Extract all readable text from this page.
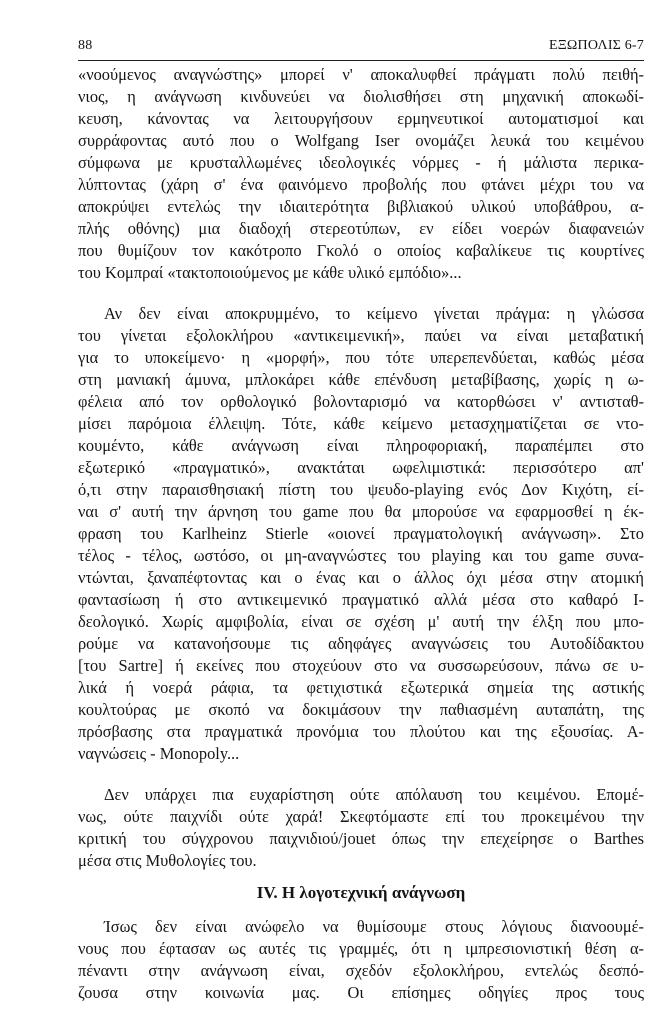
88	ΕΞΩΠΟΛΙΣ 6-7
«νοούμενος αναγνώστης» μπορεί ν' αποκαλυφθεί πράγματι πολύ πειθή-
νιος, η ανάγνωση κινδυνεύει να διολισθήσει στη μηχανική αποκωδί-
κευση, κάνοντας να λειτουργήσουν ερμηνευτικοί αυτοματισμοί και
συρράφοντας αυτό που ο Wolfgang Iser ονομάζει λευκά του κειμένου
σύμφωνα με κρυσταλλωμένες ιδεολογικές νόρμες - ή μάλιστα περικα-
λύπτοντας (χάρη σ' ένα φαινόμενο προβολής που φτάνει μέχρι του να
αποκρύψει εντελώς την ιδιαιτερότητα βιβλιακού υλικού υποβάθρου, α-
πλής οθόνης) μια διαδοχή στερεοτύπων, εν είδει νοερών διαφανειών
που θυμίζουν τον κακότροπο Γκολό ο οποίος καβαλίκευε τις κουρτίνες
του Κομπραί «τακτοποιούμενος με κάθε υλικό εμπόδιο»...
Αν δεν είναι αποκρυμμένο, το κείμενο γίνεται πράγμα: η γλώσσα
του γίνεται εξολοκλήρου «αντικειμενική», παύει να είναι μεταβατική
για το υποκείμενο· η «μορφή», που τότε υπερεπενδύεται, καθώς μέσα
στη μανιακή άμυνα, μπλοκάρει κάθε επένδυση μεταβίβασης, χωρίς η ω-
φέλεια από τον ορθολογικό βολονταρισμό να κατορθώσει ν' αντισταθ-
μίσει παρόμοια έλλειψη. Τότε, κάθε κείμενο μετασχηματίζεται σε ντο-
κουμέντο, κάθε ανάγνωση είναι πληροφοριακή, παραπέμπει στο
εξωτερικό «πραγματικό», ανακτάται ωφελιμιστικά: περισσότερο απ'
ό,τι στην παραισθησιακή πίστη του ψευδο-playing ενός Δον Κιχότη, εί-
ναι σ' αυτή την άρνηση του game που θα μπορούσε να εφαρμοσθεί η έκ-
φραση του Karlheinz Stierle «οιονεί πραγματολογική ανάγνωση». Στο
τέλος - τέλος, ωστόσο, οι μη-αναγνώστες του playing και του game συνα-
ντώνται, ξαναπέφτοντας και ο ένας και ο άλλος όχι μέσα στην ατομική
φαντασίωση ή στο αντικειμενικό πραγματικό αλλά μέσα στο καθαρό Ι-
δεολογικό. Χωρίς αμφιβολία, είναι σε σχέση μ' αυτή την έλξη που μπο-
ρούμε να κατανοήσουμε τις αδηφάγες αναγνώσεις του Αυτοδίδακτου
[του Sartre] ή εκείνες που στοχεύουν στο να συσσωρεύσουν, πάνω σε υ-
λικά ή νοερά ράφια, τα φετιχιστικά εξωτερικά σημεία της αστικής
κουλτούρας με σκοπό να δοκιμάσουν την παθιασμένη αυταπάτη, της
πρόσβασης στα πραγματικά προνόμια του πλούτου και της εξουσίας. Α-
ναγνώσεις - Monopoly...
Δεν υπάρχει πια ευχαρίστηση ούτε απόλαυση του κειμένου. Επομέ-
νως, ούτε παιχνίδι ούτε χαρά! Σκεφτόμαστε επί του προκειμένου την
κριτική του σύγχρονου παιχνιδιού/jouet όπως την επεχείρησε ο Barthes
μέσα στις Μυθολογίες του.
IV. Η λογοτεχνική ανάγνωση
Ίσως δεν είναι ανώφελο να θυμίσουμε στους λόγιους διανοουμέ-
νους που έφτασαν ως αυτές τις γραμμές, ότι η ιμπρεσιονιστική θέση α-
πέναντι στην ανάγνωση είναι, σχεδόν εξολοκλήρου, εντελώς δεσπό-
ζουσα στην κοινωνία μας. Οι επίσημες οδηγίες προς τους
